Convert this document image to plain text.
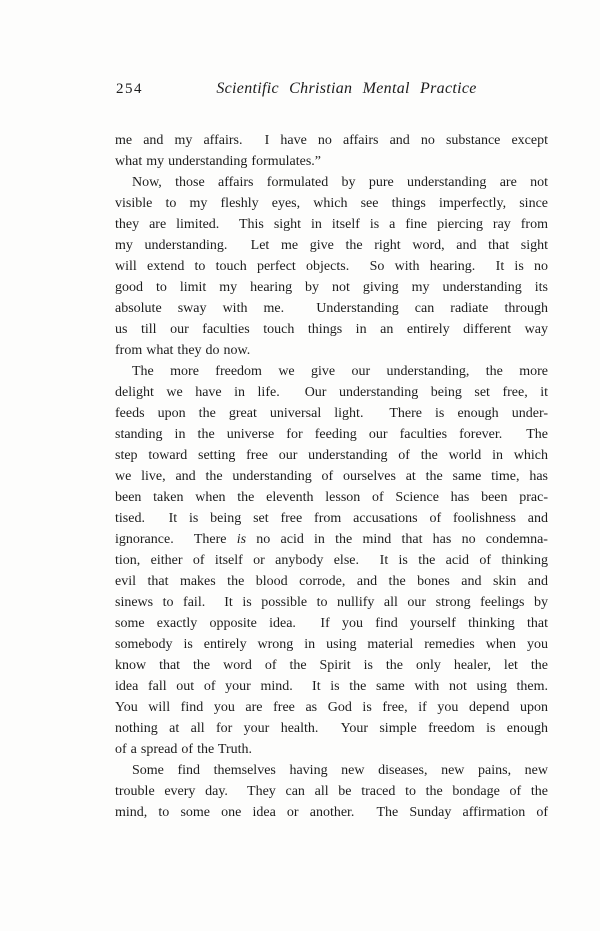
254	Scientific Christian Mental Practice
me and my affairs.  I have no affairs and no substance except
what my understanding formulates.”
Now, those affairs formulated by pure understanding are not
visible to my fleshly eyes, which see things imperfectly, since
they are limited.  This sight in itself is a fine piercing ray from
my understanding.  Let me give the right word, and that sight
will extend to touch perfect objects.  So with hearing.  It is no
good to limit my hearing by not giving my understanding its
absolute sway with me.  Understanding can radiate through
us till our faculties touch things in an entirely different way
from what they do now.
The more freedom we give our understanding, the more
delight we have in life.  Our understanding being set free, it
feeds upon the great universal light.  There is enough under-
standing in the universe for feeding our faculties forever.  The
step toward setting free our understanding of the world in which
we live, and the understanding of ourselves at the same time, has
been taken when the eleventh lesson of Science has been prac-
tised.  It is being set free from accusations of foolishness and
ignorance.  There is no acid in the mind that has no condemna-
tion, either of itself or anybody else.  It is the acid of thinking
evil that makes the blood corrode, and the bones and skin and
sinews to fail.  It is possible to nullify all our strong feelings by
some exactly opposite idea.  If you find yourself thinking that
somebody is entirely wrong in using material remedies when you
know that the word of the Spirit is the only healer, let the
idea fall out of your mind.  It is the same with not using them.
You will find you are free as God is free, if you depend upon
nothing at all for your health.  Your simple freedom is enough
of a spread of the Truth.
Some find themselves having new diseases, new pains, new
trouble every day.  They can all be traced to the bondage of the
mind, to some one idea or another.  The Sunday affirmation of
